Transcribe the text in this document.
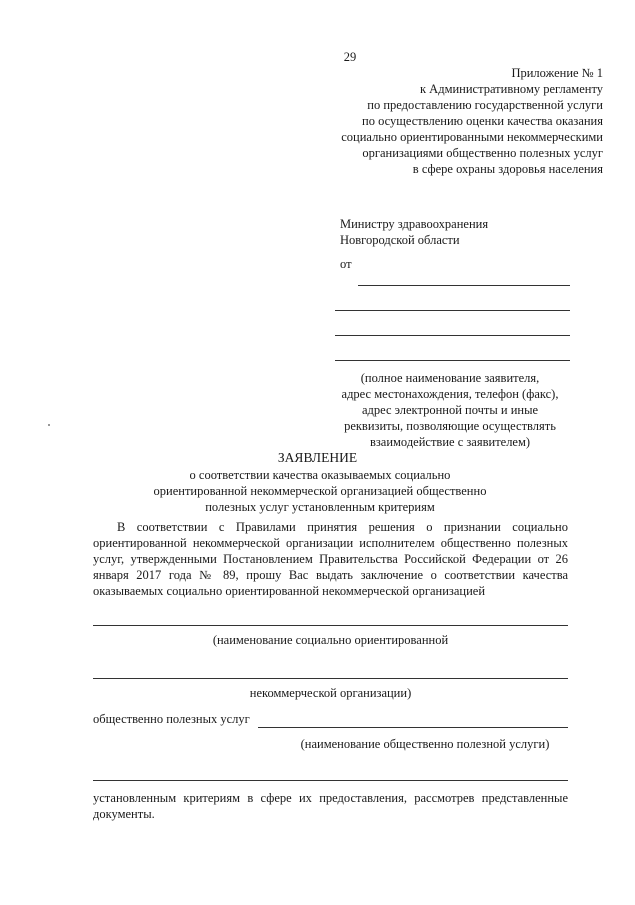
29
Приложение № 1
к Административному регламенту
по предоставлению государственной услуги
по осуществлению оценки качества оказания
социально ориентированными некоммерческими
организациями общественно полезных услуг
в сфере охраны здоровья населения
Министру здравоохранения
Новгородской области
от
(полное наименование заявителя,
адрес местонахождения, телефон (факс),
адрес электронной почты и иные
реквизиты, позволяющие осуществлять
взаимодействие с заявителем)
ЗАЯВЛЕНИЕ
о соответствии качества оказываемых социально
ориентированной некоммерческой организацией общественно
полезных услуг установленным критериям
В соответствии с Правилами принятия решения о признании социально ориентированной некоммерческой организации исполнителем общественно полезных услуг, утвержденными Постановлением Правительства Российской Федерации от 26 января 2017 года № 89, прошу Вас выдать заключение о соответствии качества оказываемых социально ориентированной некоммерческой организацией
(наименование социально ориентированной
некоммерческой организации)
общественно полезных услуг
(наименование общественно полезной услуги)
установленным критериям в сфере их предоставления, рассмотрев представленные документы.
